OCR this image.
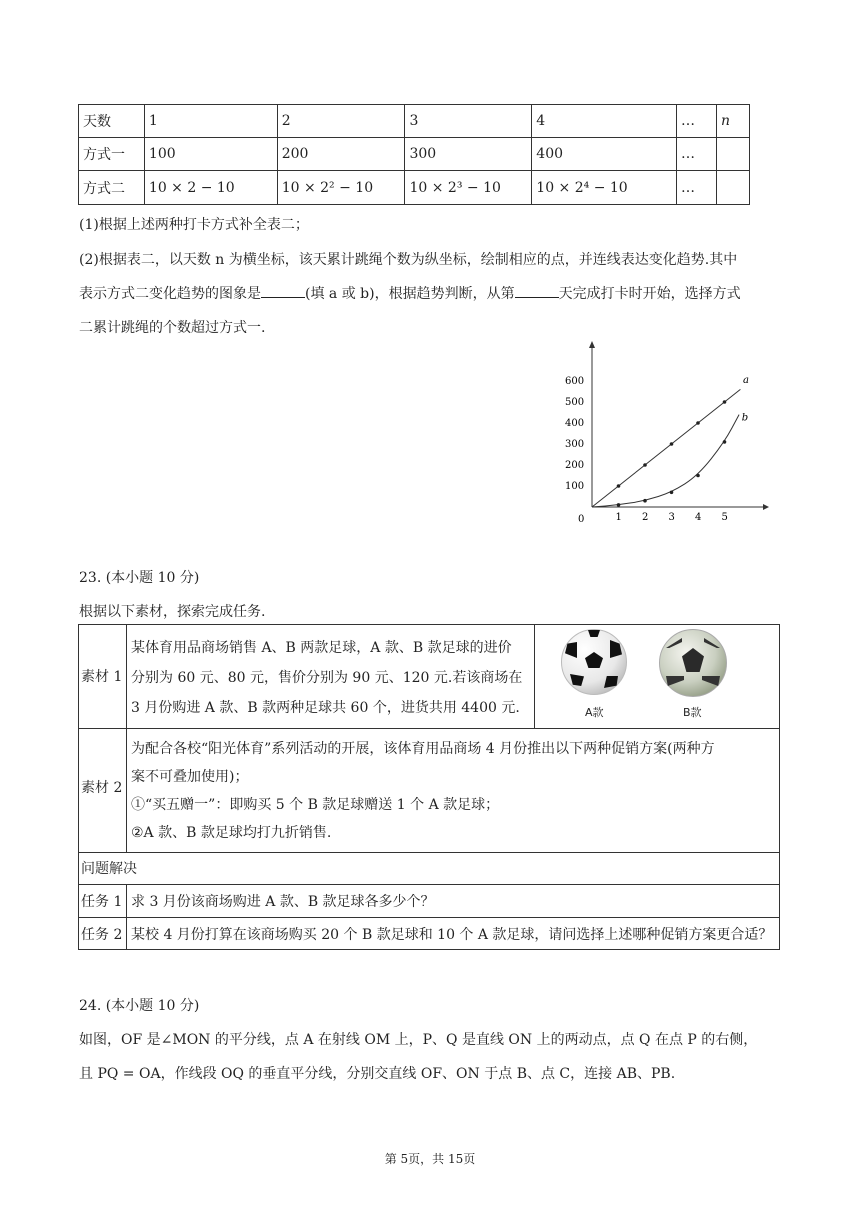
天数	1	2	3	4	…	n
方式一	100	200	300	400	…	
方式二	10 × 2 − 10	10 × 2² − 10	10 × 2³ − 10	10 × 2⁴ − 10	…	
(1)根据上述两种打卡方式补全表二；
(2)根据表二，以天数 n 为横坐标，该天累计跳绳个数为纵坐标，绘制相应的点，并连线表达变化趋势.其中
表示方式二变化趋势的图象是	(填 a 或 b)，根据趋势判断，从第	天完成打卡时开始，选择方式
二累计跳绳的个数超过方式一.
0	1 2 3 4 5
100
200
300
400
500
600	a
b
23. (本小题 10 分)
根据以下素材，探索完成任务.
素材 1
某体育用品商场销售 A、B 两款足球，A 款、B 款足球的进价
分别为 60 元、80 元，售价分别为 90 元、120 元.若该商场在
3 月份购进 A 款、B 款两种足球共 60 个，进货共用 4400 元.	A款	B款
素材 2
为配合各校“阳光体育”系列活动的开展，该体育用品商场 4 月份推出以下两种促销方案(两种方
案不可叠加使用)；
①“买五赠一”：即购买 5 个 B 款足球赠送 1 个 A 款足球；
②A 款、B 款足球均打九折销售.
问题解决
任务 1 求 3 月份该商场购进 A 款、B 款足球各多少个？
任务 2 某校 4 月份打算在该商场购买 20 个 B 款足球和 10 个 A 款足球，请问选择上述哪种促销方案更合适？
24. (本小题 10 分)
如图，OF 是∠MON 的平分线，点 A 在射线 OM 上，P、Q 是直线 ON 上的两动点，点 Q 在点 P 的右侧，
且 PQ = OA，作线段 OQ 的垂直平分线，分别交直线 OF、ON 于点 B、点 C，连接 AB、PB.
第 5页，共 15页
